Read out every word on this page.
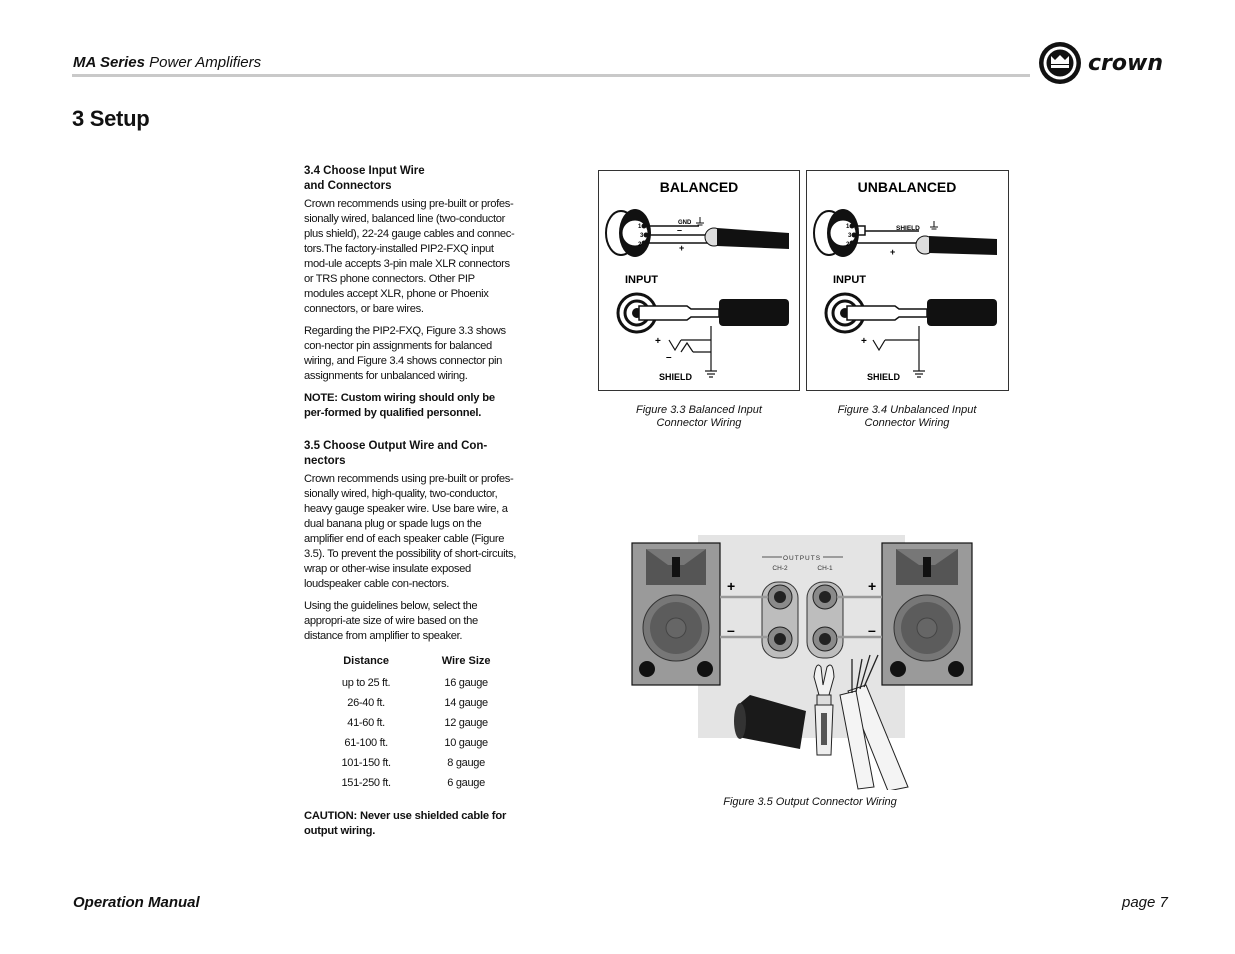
MA Series Power Amplifiers	crown
3 Setup
3.4 Choose Input Wire
and Connectors

Crown recommends using pre-built or profes-sionally wired, balanced line (two-conductor plus shield), 22-24 gauge cables and connec-tors.The factory-installed PIP2-FXQ input mod-ule accepts 3-pin male XLR connectors or TRS phone connectors. Other PIP modules accept XLR, phone or Phoenix connectors, or bare wires.

Regarding the PIP2-FXQ, Figure 3.3 shows con-nector pin assignments for balanced wiring, and Figure 3.4 shows connector pin assignments for unbalanced wiring.

NOTE: Custom wiring should only be per-formed by qualified personnel.

3.5 Choose Output Wire and Con-nectors

Crown recommends using pre-built or profes-sionally wired, high-quality, two-conductor, heavy gauge speaker wire. Use bare wire, a dual banana plug or spade lugs on the amplifier end of each speaker cable (Figure 3.5). To prevent the possibility of short-circuits, wrap or other-wise insulate exposed loudspeaker cable con-nectors.

Using the guidelines below, select the appropri-ate size of wire based on the distance from amplifier to speaker.

Distance	Wire Size
up to 25 ft.	16 gauge
26-40 ft.	14 gauge
41-60 ft.	12 gauge
61-100 ft.	10 gauge
101-150 ft.	8 gauge
151-250 ft.	6 gauge
CAUTION: Never use shielded cable for output wiring.
BALANCED
1
3
2
GND
–
+
INPUT
+
–
SHIELD
Figure 3.3 Balanced Input
Connector Wiring
UNBALANCED
1
3
2
SHIELD
+
INPUT
+
SHIELD
Figure 3.4 Unbalanced Input
Connector Wiring
OUTPUTS
CH-2	CH-1
+
–
+
–
Figure 3.5 Output Connector Wiring
Operation Manual	page 7
